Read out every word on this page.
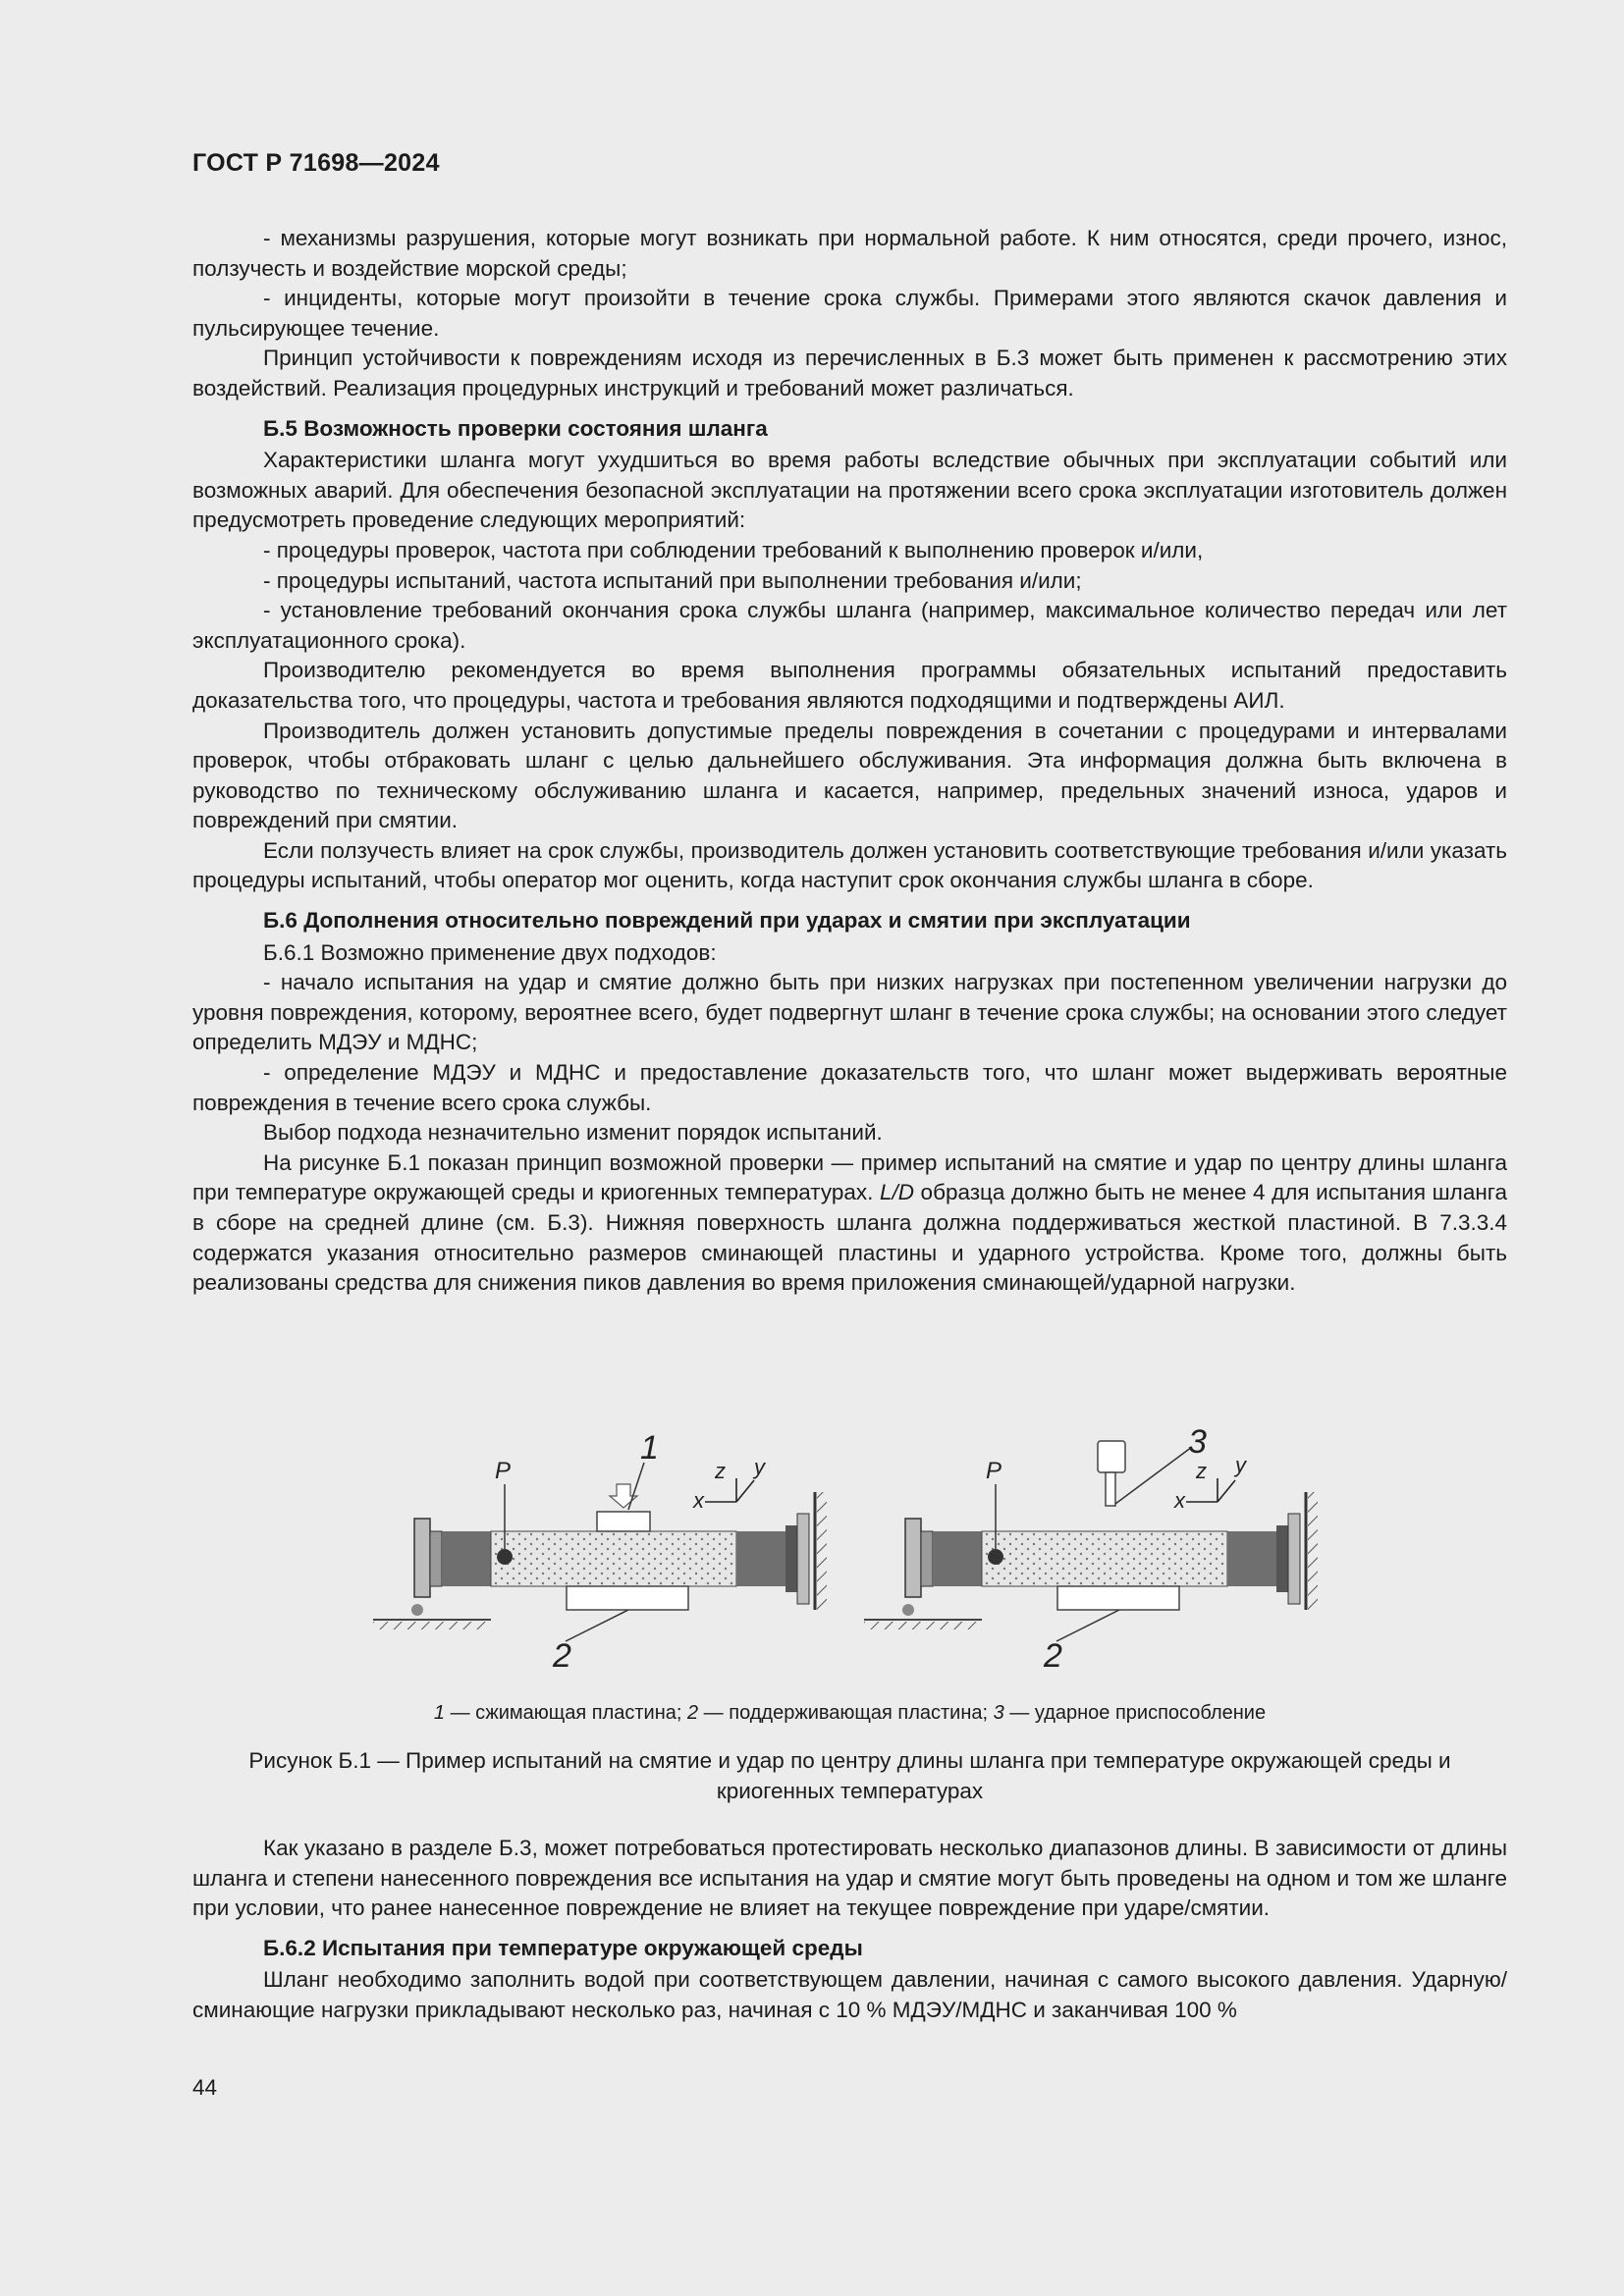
ГОСТ Р 71698—2024

- механизмы разрушения, которые могут возникать при нормальной работе. К ним относятся, среди прочего, износ, ползучесть и воздействие морской среды;

- инциденты, которые могут произойти в течение срока службы. Примерами этого являются скачок давления и пульсирующее течение.

Принцип устойчивости к повреждениям исходя из перечисленных в Б.3 может быть применен к рассмотрению этих воздействий. Реализация процедурных инструкций и требований может различаться.

Б.5 Возможность проверки состояния шланга

Характеристики шланга могут ухудшиться во время работы вследствие обычных при эксплуатации событий или возможных аварий. Для обеспечения безопасной эксплуатации на протяжении всего срока эксплуатации изготовитель должен предусмотреть проведение следующих мероприятий:

- процедуры проверок, частота при соблюдении требований к выполнению проверок и/или,

- процедуры испытаний, частота испытаний при выполнении требования и/или;

- установление требований окончания срока службы шланга (например, максимальное количество передач или лет эксплуатационного срока).

Производителю рекомендуется во время выполнения программы обязательных испытаний предоставить доказательства того, что процедуры, частота и требования являются подходящими и подтверждены АИЛ.

Производитель должен установить допустимые пределы повреждения в сочетании с процедурами и интервалами проверок, чтобы отбраковать шланг с целью дальнейшего обслуживания. Эта информация должна быть включена в руководство по техническому обслуживанию шланга и касается, например, предельных значений износа, ударов и повреждений при смятии.

Если ползучесть влияет на срок службы, производитель должен установить соответствующие требования и/или указать процедуры испытаний, чтобы оператор мог оценить, когда наступит срок окончания службы шланга в сборе.

Б.6 Дополнения относительно повреждений при ударах и смятии при эксплуатации

Б.6.1 Возможно применение двух подходов:

- начало испытания на удар и смятие должно быть при низких нагрузках при постепенном увеличении нагрузки до уровня повреждения, которому, вероятнее всего, будет подвергнут шланг в течение срока службы; на основании этого следует определить МДЭУ и МДНС;

- определение МДЭУ и МДНС и предоставление доказательств того, что шланг может выдерживать вероятные повреждения в течение всего срока службы.

Выбор подхода незначительно изменит порядок испытаний.

На рисунке Б.1 показан принцип возможной проверки — пример испытаний на смятие и удар по центру длины шланга при температуре окружающей среды и криогенных температурах. L/D образца должно быть не менее 4 для испытания шланга в сборе на средней длине (см. Б.3). Нижняя поверхность шланга должна поддерживаться жесткой пластиной. В 7.3.3.4 содержатся указания относительно размеров сминающей пластины и ударного устройства. Кроме того, должны быть реализованы средства для снижения пиков давления во время приложения сминающей/ударной нагрузки.

P
1
2
x
z y	P
3
2
x
z y
1 — сжимающая пластина; 2 — поддерживающая пластина; 3 — ударное приспособление
Рисунок Б.1 — Пример испытаний на смятие и удар по центру длины шланга при температуре окружающей среды и криогенных температурах

Как указано в разделе Б.3, может потребоваться протестировать несколько диапазонов длины. В зависимости от длины шланга и степени нанесенного повреждения все испытания на удар и смятие могут быть проведены на одном и том же шланге при условии, что ранее нанесенное повреждение не влияет на текущее повреждение при ударе/смятии.

Б.6.2 Испытания при температуре окружающей среды

Шланг необходимо заполнить водой при соответствующем давлении, начиная с самого высокого давления. Ударную/сминающие нагрузки прикладывают несколько раз, начиная с 10 % МДЭУ/МДНС и заканчивая 100 %

44
